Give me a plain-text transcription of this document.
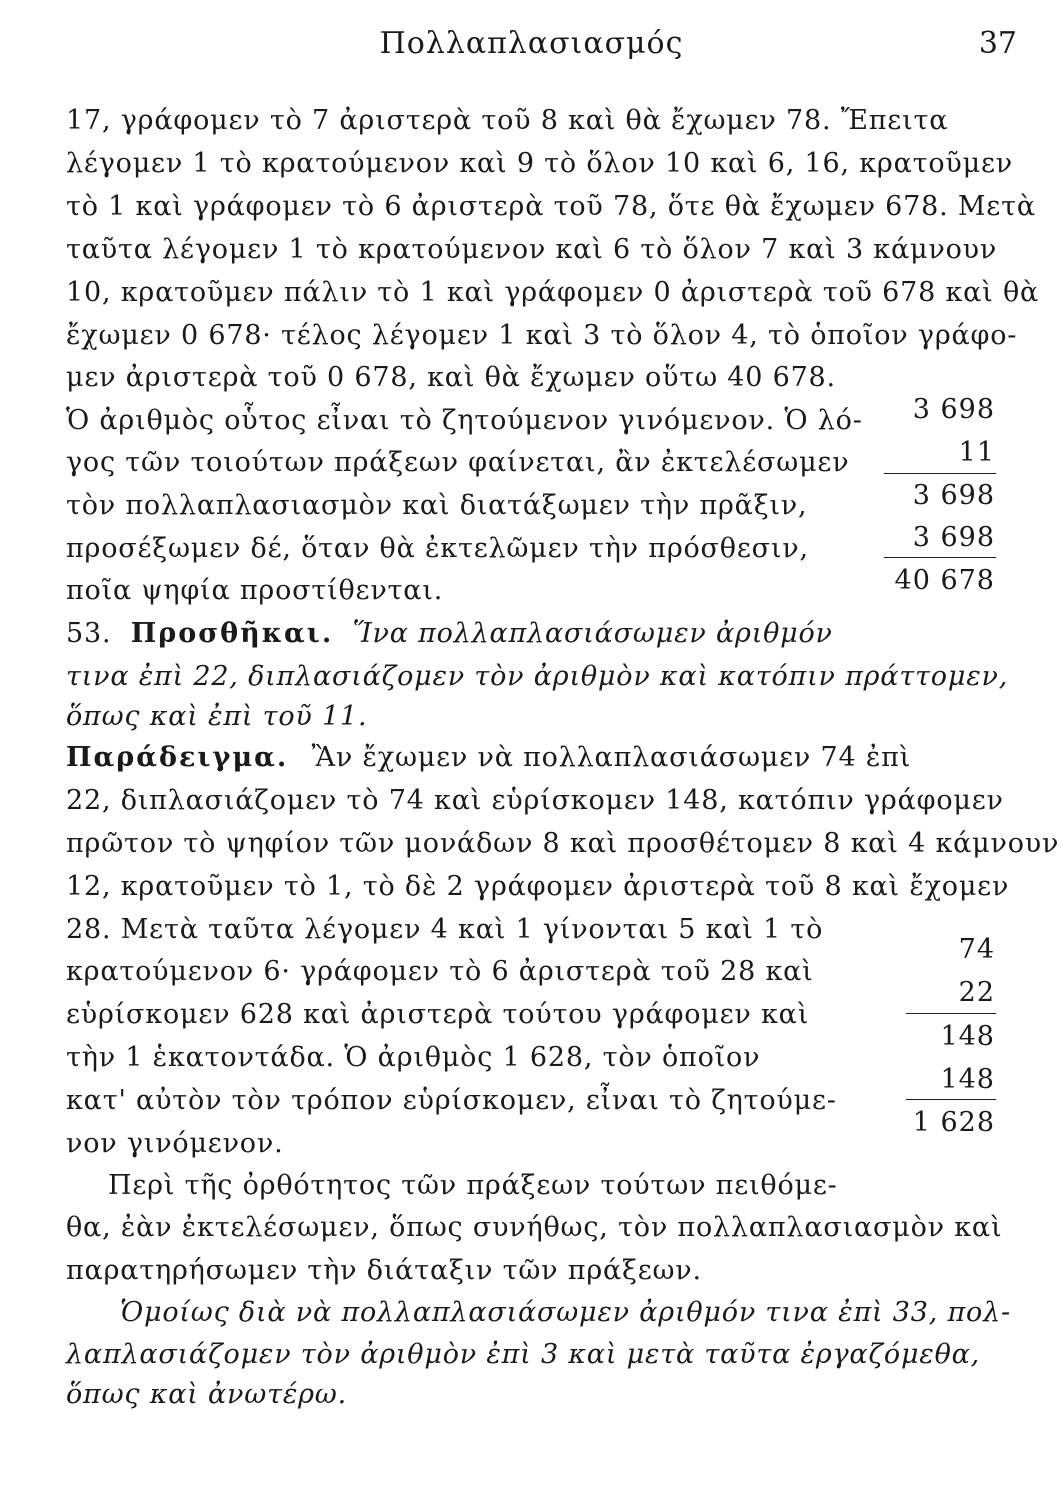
Πολλαπλασιασμός	37
17, γράφομεν τὸ 7 ἀριστερὰ τοῦ 8 καὶ θὰ ἔχωμεν 78. Ἔπειτα
λέγομεν 1 τὸ κρατούμενον καὶ 9 τὸ ὅλον 10 καὶ 6, 16, κρατοῦμεν
τὸ 1 καὶ γράφομεν τὸ 6 ἀριστερὰ τοῦ 78, ὅτε θὰ ἔχωμεν 678. Μετὰ
ταῦτα λέγομεν 1 τὸ κρατούμενον καὶ 6 τὸ ὅλον 7 καὶ 3 κάμνουν
10, κρατοῦμεν πάλιν τὸ 1 καὶ γράφομεν 0 ἀριστερὰ τοῦ 678 καὶ θὰ
ἔχωμεν 0 678· τέλος λέγομεν 1 καὶ 3 τὸ ὅλον 4, τὸ ὁποῖον γράφο-
μεν ἀριστερὰ τοῦ 0 678, καὶ θὰ ἔχωμεν οὕτω 40 678.
Ὁ ἀριθμὸς οὗτος εἶναι τὸ ζητούμενον γινόμενον. Ὁ λό-
γος τῶν τοιούτων πράξεων φαίνεται, ἂν ἐκτελέσωμεν
τὸν πολλαπλασιασμὸν καὶ διατάξωμεν τὴν πρᾶξιν,
προσέξωμεν δέ, ὅταν θὰ ἐκτελῶμεν τὴν πρόσθεσιν,
ποῖα ψηφία προστίθενται.
3 698
11
3 698
3 698
40 678
53. Προσθῆκαι. Ἵνα πολλαπλασιάσωμεν ἀριθμόν
τινα ἐπὶ 22, διπλασιάζομεν τὸν ἀριθμὸν καὶ κατόπιν πράττομεν,
ὅπως καὶ ἐπὶ τοῦ 11.
Παράδειγμα. Ἂν ἔχωμεν νὰ πολλαπλασιάσωμεν 74 ἐπὶ
22, διπλασιάζομεν τὸ 74 καὶ εὑρίσκομεν 148, κατόπιν γράφομεν
πρῶτον τὸ ψηφίον τῶν μονάδων 8 καὶ προσθέτομεν 8 καὶ 4 κάμνουν
12, κρατοῦμεν τὸ 1, τὸ δὲ 2 γράφομεν ἀριστερὰ τοῦ 8 καὶ ἔχομεν
28. Μετὰ ταῦτα λέγομεν 4 καὶ 1 γίνονται 5 καὶ 1 τὸ
κρατούμενον 6· γράφομεν τὸ 6 ἀριστερὰ τοῦ 28 καὶ
εὑρίσκομεν 628 καὶ ἀριστερὰ τούτου γράφομεν καὶ
τὴν 1 ἑκατοντάδα. Ὁ ἀριθμὸς 1 628, τὸν ὁποῖον
κατ' αὐτὸν τὸν τρόπον εὑρίσκομεν, εἶναι τὸ ζητούμε-
νον γινόμενον.
74
22
148
148
1 628
Περὶ τῆς ὀρθότητος τῶν πράξεων τούτων πειθόμε-
θα, ἐὰν ἐκτελέσωμεν, ὅπως συνήθως, τὸν πολλαπλασιασμὸν καὶ
παρατηρήσωμεν τὴν διάταξιν τῶν πράξεων.
Ὁμοίως διὰ νὰ πολλαπλασιάσωμεν ἀριθμόν τινα ἐπὶ 33, πολ-
λαπλασιάζομεν τὸν ἀριθμὸν ἐπὶ 3 καὶ μετὰ ταῦτα ἐργαζόμεθα,
ὅπως καὶ ἀνωτέρω.
